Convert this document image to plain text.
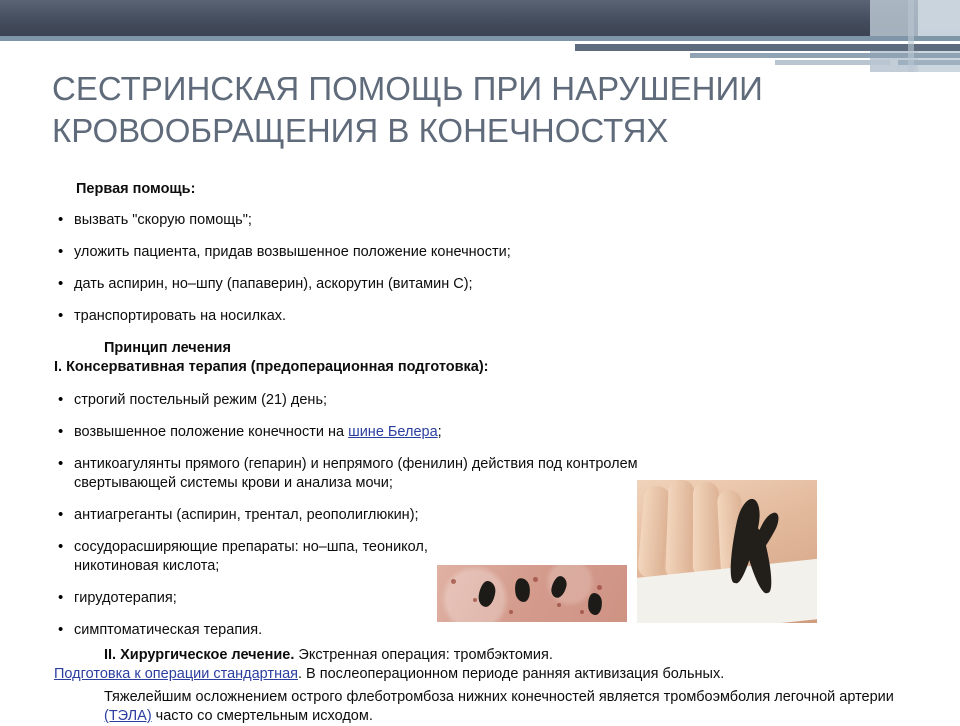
СЕСТРИНСКАЯ ПОМОЩЬ ПРИ НАРУШЕНИИ КРОВООБРАЩЕНИЯ В КОНЕЧНОСТЯХ
Первая помощь:
• вызвать "скорую помощь";
• уложить пациента, придав возвышенное положение конечности;
• дать аспирин, но–шпу (папаверин), аскорутин (витамин С);
• транспортировать на носилках.
Принцип лечения
I. Консервативная терапия (предоперационная подготовка):
• строгий постельный режим (21) день;
• возвышенное положение конечности на шине Белера;
• антикоагулянты прямого (гепарин) и непрямого (фенилин) действия под контролем свертывающей системы крови и анализа мочи;
• антиагреганты (аспирин, трентал, реополиглюкин);
• сосудорасширяющие препараты: но–шпа, теоникол, никотиновая кислота;
• гирудотерапия;
• симптоматическая терапия.
II. Хирургическое лечение. Экстренная операция: тромбэктомия.
Подготовка к операции стандартная. В послеоперационном периоде ранняя активизация больных.
Тяжелейшим осложнением острого флеботромбоза нижних конечностей является тромбоэмболия легочной артерии (ТЭЛА) часто со смертельным исходом.
